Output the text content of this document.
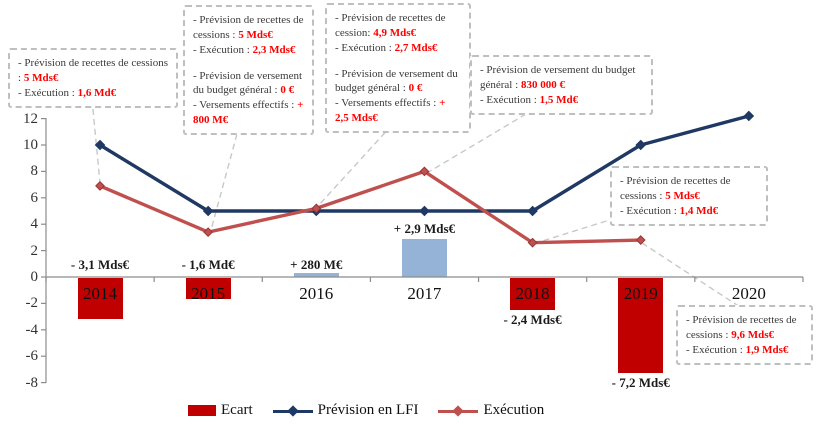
12
10
8
6
4
2
0
-2
-4
-6
-8
- 3,1 Mds€	- 1,6 Md€	+ 280 M€
+ 2,9 Mds€
- 2,4 Mds€
- 7,2 Mds€
2014	2015	2016	2017	2018	2019	2020
- Prévision de recettes de cessions : 5 Mds€
- Exécution : 1,6 Md€
- Prévision de recettes de cessions : 5 Mds€
- Exécution : 2,3 Mds€
- Prévision de versement du budget général : 0 €
- Versements effectifs : + 800 M€
- Prévision de recettes de cession: 4,9 Mds€
- Exécution : 2,7 Mds€
- Prévision de versement du budget général : 0 €
- Versements effectifs : + 2,5 Mds€
- Prévision de versement du budget général : 830 000 €
- Exécution : 1,5 Md€
- Prévision de recettes de cessions : 5 Mds€
- Exécution : 1,4 Md€
- Prévision de recettes de cessions : 9,6 Mds€
- Exécution : 1,9 Mds€
Ecart	Prévision en LFI	Exécution
